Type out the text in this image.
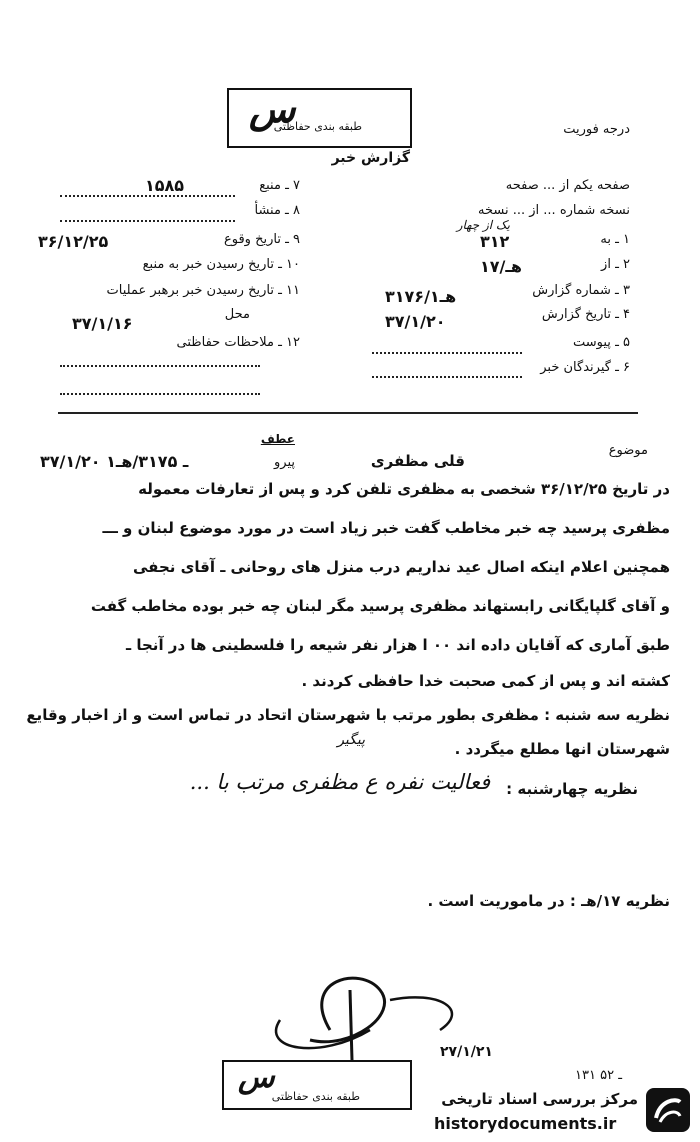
س
طبقه بندی حفاظتی
گزارش خبر
درجه فوریت
۱۵۸۵	۷ ـ منبع
۸ ـ منشأ
۳۶/۱۲/۲۵	۹ ـ تاریخ وقوع
۱۰ ـ تاریخ رسیدن خبر به منبع
۱۱ ـ تاریخ رسیدن خبر برهبر عملیات
محل
۳۷/۱/۱۶
۱۲ ـ ملاحظات حفاظتی
صفحه یکم از ... صفحه
نسخه شماره ... از ... نسخه
یک از چهار
۱ ـ به
۳۱۲
۲ ـ از
۱۷/هـ
۳ ـ شماره گزارش
۳۱۷۶/هـ۱
۴ ـ تاریخ گزارش
۳۷/۱/۲۰
۵ ـ پیوست
۶ ـ گیرندگان خبر
موضوع
قلی مظفری
پیرو
عطف
۳۷/۱/۲۰ ـ ۳۱۷۵/هـ۱
در تاریخ ۳۶/۱۲/۲۵ شخصی به مظفری تلفن کرد و پس از تعارفات معموله
مظفری پرسید چه خبر مخاطب گفت خبر زیاد است در مورد موضوع لبنان و ـــ
همچنین اعلام اینکه اصال عید نداریم درب منزل های روحانی ـ آقای نجفی
و آقای گلپایگانی رابستهاند مظفری پرسید مگر لبنان چه خبر بوده مخاطب گفت
طبق آماری که آقایان داده اند ۰۰ ا هزار نفر شیعه را فلسطینی ها در آنجا ـ
کشته اند و پس از کمی صحبت خدا حافظی کردند .
نظریه سه شنبه : مظفری بطور مرتب با شهرستان اتحاد در تماس است و از اخبار وقایع
شهرستان انها مطلع میگردد .
پیگیر
نظریه چهارشنبه :
فعالیت نفره ع مظفری مرتب با ...
نظریه ۱۷/هـ : در ماموریت است .
۲۷/۱/۲۱
س
طبقه بندی حفاظتی
۱۳۱ ـ ۵۲
مرکز بررسی اسناد تاریخی
historydocuments.ir
